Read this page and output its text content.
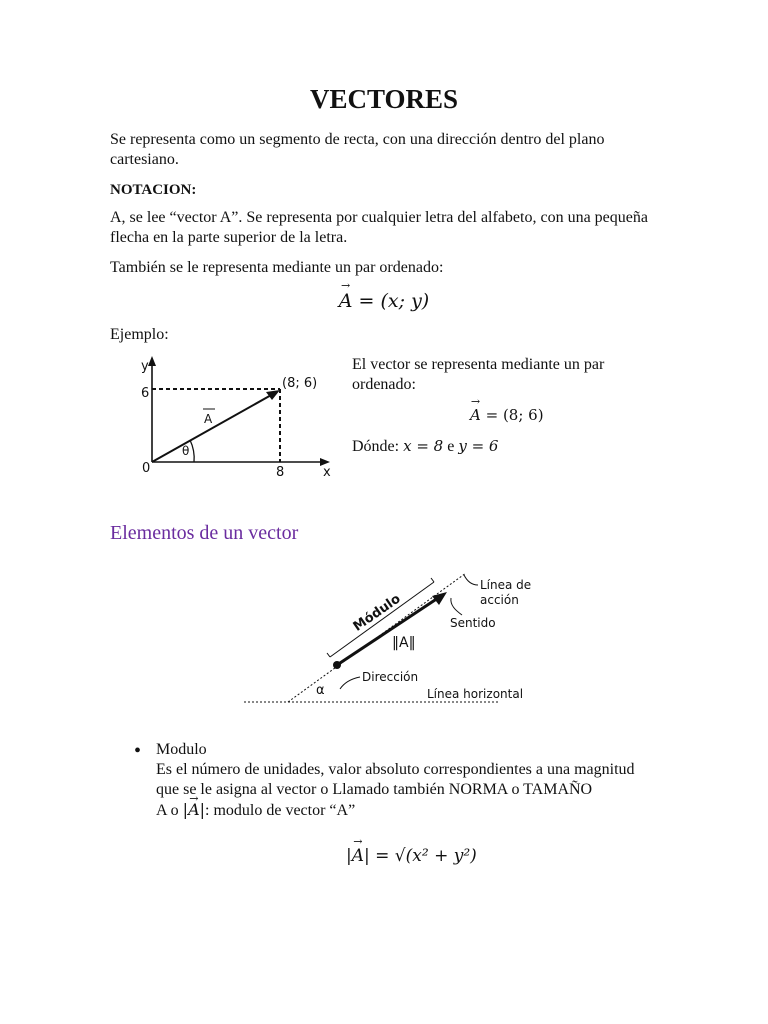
VECTORES
Se representa como un segmento de recta, con una dirección dentro del plano cartesiano.
NOTACION:
A, se lee “vector A”. Se representa por cualquier letra del alfabeto, con una pequeña flecha en la parte superior de la letra.
También se le representa mediante un par ordenado:
→ A = (x; y)
Ejemplo:
y
6
0	8	x
(8; 6)
A
θ
El vector se representa mediante un par ordenado:
→ A = (8; 6)
Dónde: x = 8 e y = 6
Elementos de un vector
Módulo
Línea de
acción
Sentido
‖A‖
Dirección
α	Línea horizontal
• Modulo
Es el número de unidades, valor absoluto correspondientes a una magnitud que se le asigna al vector o Llamado también NORMA o TAMAÑO
A o |→ A|: modulo de vector “A”
|→ A| = √(x² + y²)
